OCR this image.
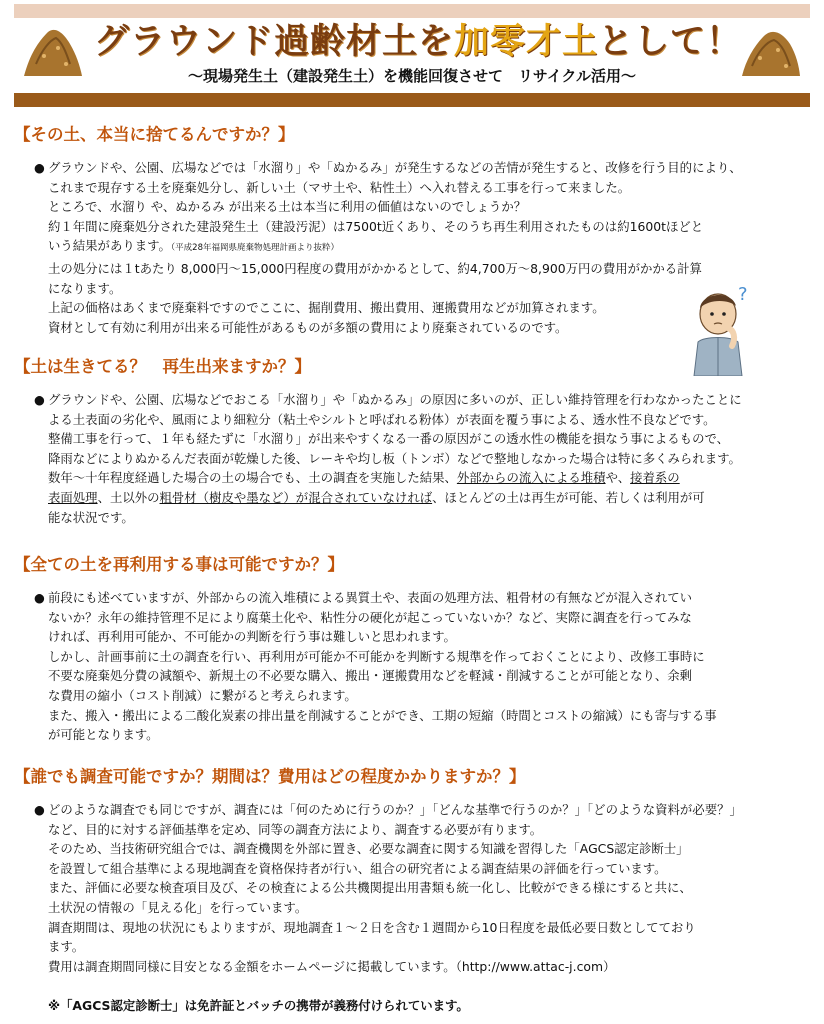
グラウンド過齢材土を加零才土として！
～現場発生土（建設発生土）を機能回復させて　リサイクル活用～
【その土、本当に捨てるんですか？】
● グラウンドや、公園、広場などでは「水溜り」や「ぬかるみ」が発生するなどの苦情が発生すると、改修を行う目的により、
これまで現存する土を廃棄処分し、新しい土（マサ土や、粘性土）へ入れ替える工事を行って来ました。
ところで、水溜り や、ぬかるみ が出来る土は本当に利用の価値はないのでしょうか？
約１年間に廃棄処分された建設発生土（建設汚泥）は7500t近くあり、そのうち再生利用されたものは約1600tほどと
いう結果があります。（平成28年福岡県廃棄物処理計画より抜粋）
土の処分には１tあたり 8,000円～15,000円程度の費用がかかるとして、約4,700万～8,900万円の費用がかかる計算
になります。
上記の価格はあくまで廃棄料ですのでここに、掘削費用、搬出費用、運搬費用などが加算されます。
資材として有効に利用が出来る可能性があるものが多額の費用により廃棄されているのです。
?
【土は生きてる？　再生出来ますか？】
● グラウンドや、公園、広場などでおこる「水溜り」や「ぬかるみ」の原因に多いのが、正しい維持管理を行わなかったことに
よる土表面の劣化や、風雨により細粒分（粘土やシルトと呼ばれる粉体）が表面を覆う事による、透水性不良などです。
整備工事を行って、１年も経たずに「水溜り」が出来やすくなる一番の原因がこの透水性の機能を損なう事によるもので、
降雨などによりぬかるんだ表面が乾燥した後、レーキや均し板（トンボ）などで整地しなかった場合は特に多くみられます。
数年～十年程度経過した場合の土の場合でも、土の調査を実施した結果、外部からの流入による堆積や、接着系の
表面処理、土以外の粗骨材（樹皮や墨など）が混合されていなければ、ほとんどの土は再生が可能、若しくは利用が可
能な状況です。
【全ての土を再利用する事は可能ですか？】
● 前段にも述べていますが、外部からの流入堆積による異質土や、表面の処理方法、粗骨材の有無などが混入されてい
ないか？永年の維持管理不足により腐葉土化や、粘性分の硬化が起こっていないか？など、実際に調査を行ってみな
ければ、再利用可能か、不可能かの判断を行う事は難しいと思われます。
しかし、計画事前に土の調査を行い、再利用が可能か不可能かを判断する規準を作っておくことにより、改修工事時に
不要な廃棄処分費の減額や、新規土の不必要な購入、搬出・運搬費用などを軽減・削減することが可能となり、余剰
な費用の縮小（コスト削減）に繋がると考えられます。
また、搬入・搬出による二酸化炭素の排出量を削減することができ、工期の短縮（時間とコストの縮減）にも寄与する事
が可能となります。
【誰でも調査可能ですか？期間は？費用はどの程度かかりますか？】
● どのような調査でも同じですが、調査には「何のために行うのか？」「どんな基準で行うのか？」「どのような資料が必要？」
など、目的に対する評価基準を定め、同等の調査方法により、調査する必要が有ります。
そのため、当技術研究組合では、調査機関を外部に置き、必要な調査に関する知識を習得した「AGCS認定診断士」
を設置して組合基準による現地調査を資格保持者が行い、組合の研究者による調査結果の評価を行っています。
また、評価に必要な検査項目及び、その検査による公共機関提出用書類も統一化し、比較ができる様にすると共に、
土状況の情報の「見える化」を行っています。
調査期間は、現地の状況にもよりますが、現地調査１～２日を含む１週間から10日程度を最低必要日数としてており
ます。
費用は調査期間同様に目安となる金額をホームページに掲載しています。（http://www.attac-j.com）
※「AGCS認定診断士」は免許証とバッチの携帯が義務付けられています。
